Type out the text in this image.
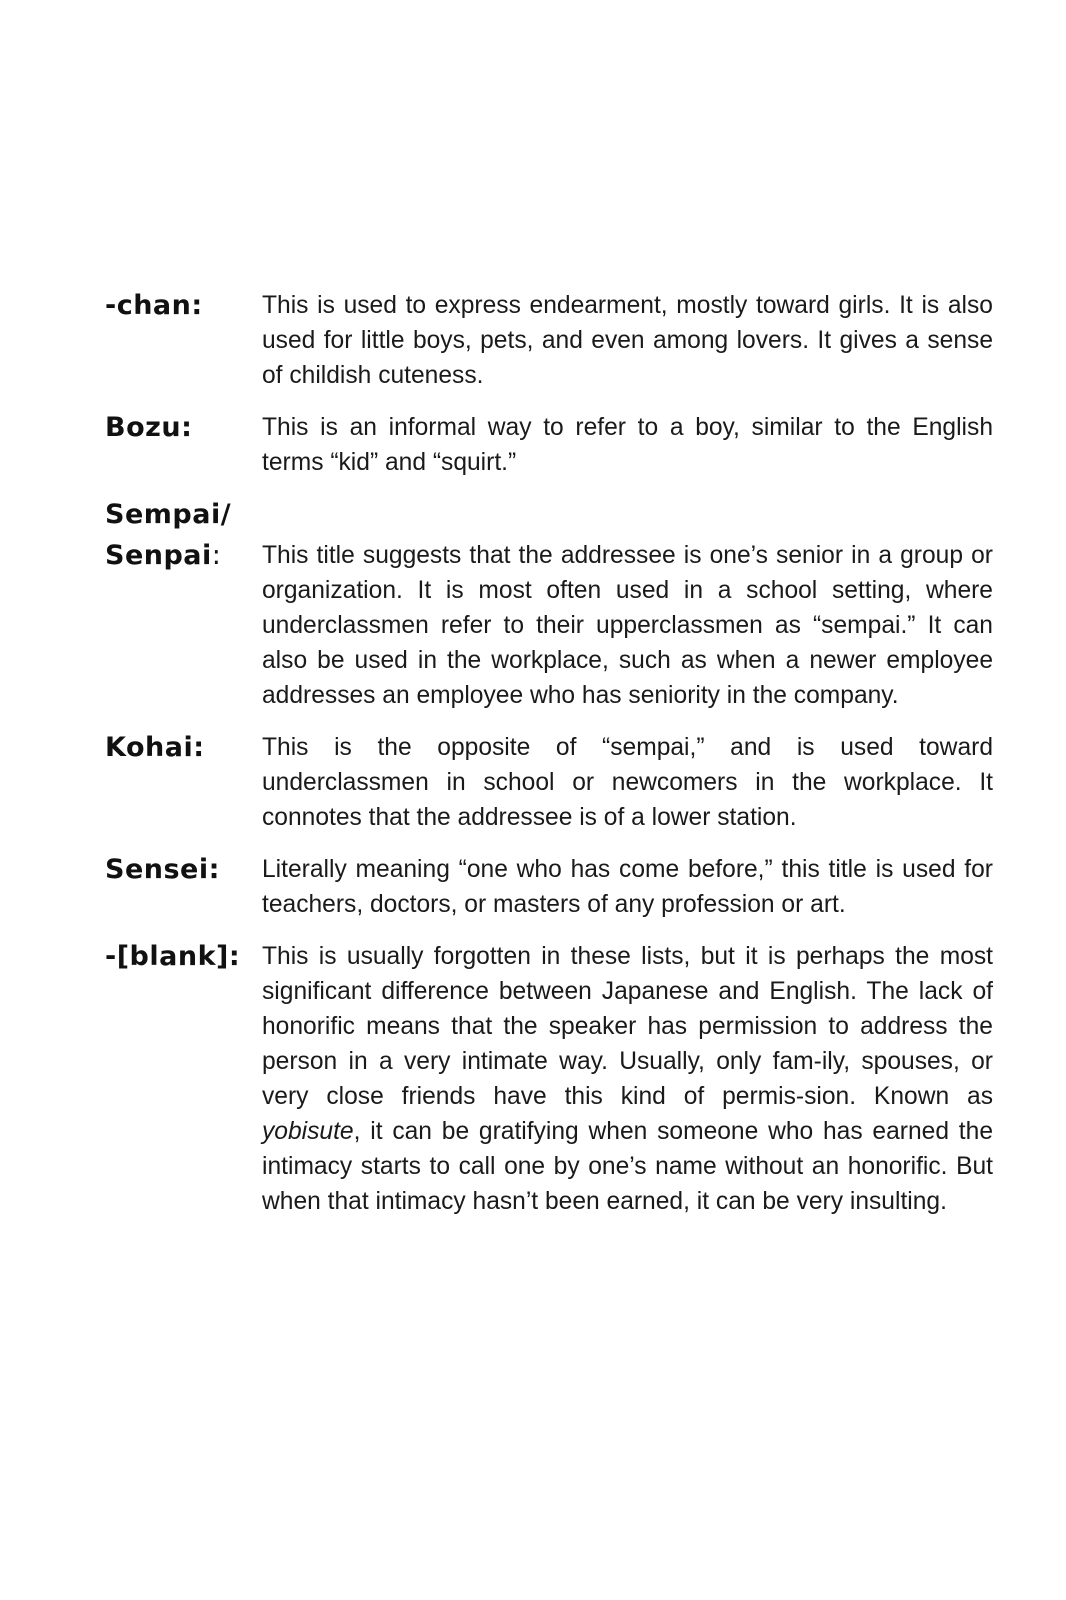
-chan:	This is used to express endearment, mostly toward girls. It is also used for little boys, pets, and even among lovers. It gives a sense of childish cuteness.
Bozu:	This is an informal way to refer to a boy, similar to the English terms “kid” and “squirt.”
Sempai/
Senpai:	This title suggests that the addressee is one’s senior in a group or organization. It is most often used in a school setting, where underclassmen refer to their upperclassmen as “sempai.” It can also be used in the workplace, such as when a newer employee addresses an employee who has seniority in the company.
Kohai:	This is the opposite of “sempai,” and is used toward underclassmen in school or newcomers in the workplace. It connotes that the addressee is of a lower station.
Sensei:	Literally meaning “one who has come before,” this title is used for teachers, doctors, or masters of any profession or art.
-[blank]: This is usually forgotten in these lists, but it is perhaps the most significant difference between Japanese and English. The lack of honorific means that the speaker has permission to address the person in a very intimate way. Usually, only fam-ily, spouses, or very close friends have this kind of permis-sion. Known as yobisute, it can be gratifying when someone who has earned the intimacy starts to call one by one’s name without an honorific. But when that intimacy hasn’t been earned, it can be very insulting.
